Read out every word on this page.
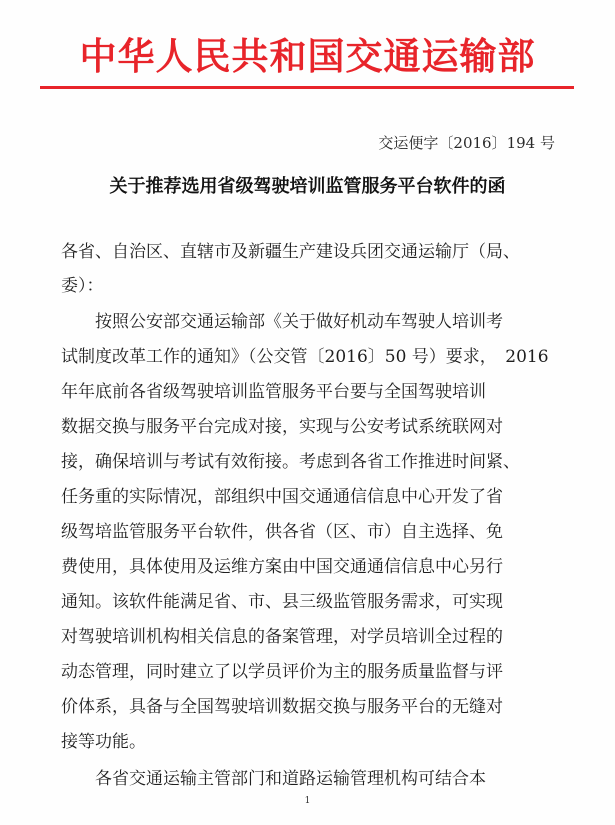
中华人民共和国交通运输部
交运便字〔2016〕194 号
关于推荐选用省级驾驶培训监管服务平台软件的函
各省、自治区、直辖市及新疆生产建设兵团交通运输厅（局、
委）：
　　按照公安部交通运输部《关于做好机动车驾驶人培训考
试制度改革工作的通知》（公交管〔2016〕50 号）要求，　2016
年年底前各省级驾驶培训监管服务平台要与全国驾驶培训
数据交换与服务平台完成对接，实现与公安考试系统联网对
接，确保培训与考试有效衔接。考虑到各省工作推进时间紧、
任务重的实际情况，部组织中国交通通信信息中心开发了省
级驾培监管服务平台软件，供各省（区、市）自主选择、免
费使用，具体使用及运维方案由中国交通通信信息中心另行
通知。该软件能满足省、市、县三级监管服务需求，可实现
对驾驶培训机构相关信息的备案管理，对学员培训全过程的
动态管理，同时建立了以学员评价为主的服务质量监督与评
价体系，具备与全国驾驶培训数据交换与服务平台的无缝对
接等功能。
　　各省交通运输主管部门和道路运输管理机构可结合本
1
